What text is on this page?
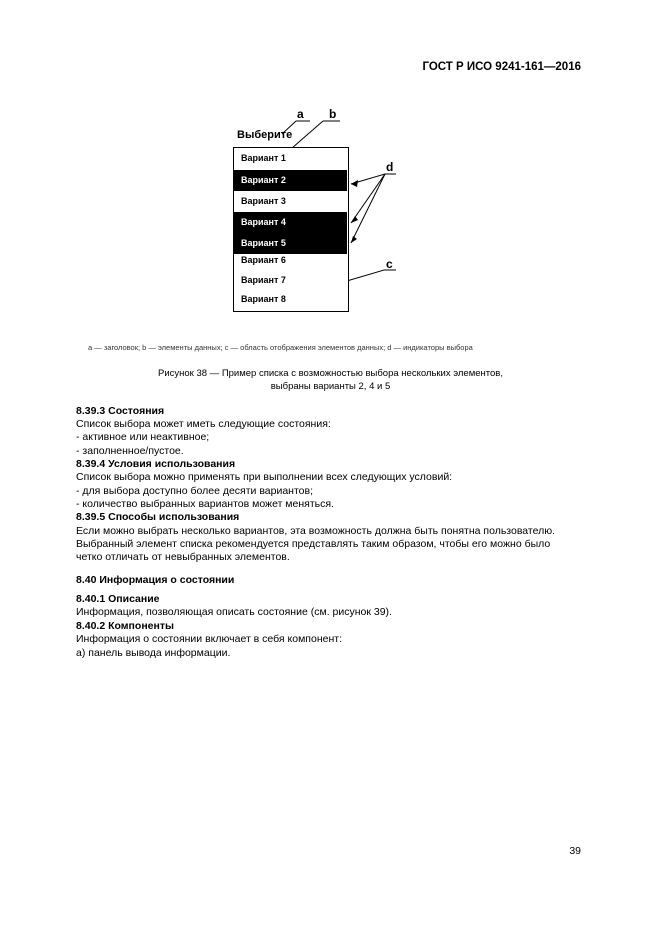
ГОСТ Р ИСО 9241-161—2016
a b
d
c
Выберите
Вариант 1
Вариант 2
Вариант 3
Вариант 4
Вариант 5
Вариант 6
Вариант 7
Вариант 8
а — заголовок; b — элементы данных; c — область отображения элементов данных; d — индикаторы выбора
Рисунок 38 — Пример списка с возможностью выбора нескольких элементов,
выбраны варианты 2, 4 и 5
8.39.3 Состояния
Список выбора может иметь следующие состояния:
- активное или неактивное;
- заполненное/пустое.
8.39.4 Условия использования
Список выбора можно применять при выполнении всех следующих условий:
- для выбора доступно более десяти вариантов;
- количество выбранных вариантов может меняться.
8.39.5 Способы использования
Если можно выбрать несколько вариантов, эта возможность должна быть понятна пользователю.
Выбранный элемент списка рекомендуется представлять таким образом, чтобы его можно было
четко отличать от невыбранных элементов.
8.40 Информация о состоянии
8.40.1 Описание
Информация, позволяющая описать состояние (см. рисунок 39).
8.40.2 Компоненты
Информация о состоянии включает в себя компонент:
а) панель вывода информации.
39
